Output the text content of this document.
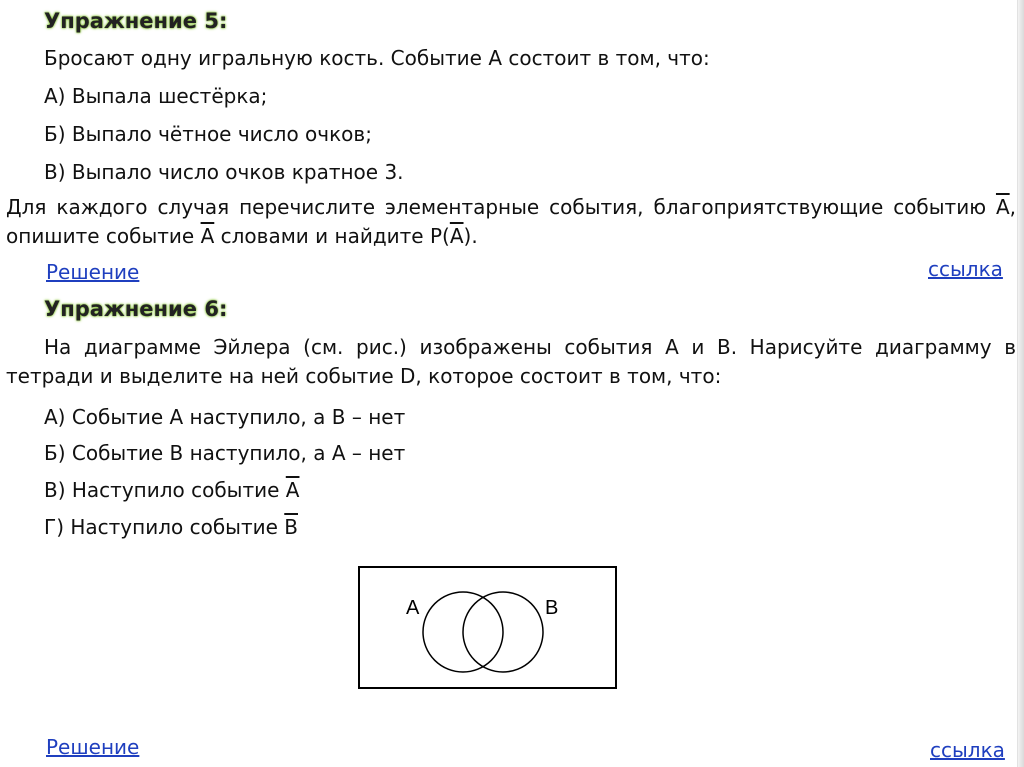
Упражнение 5:
Бросают одну игральную кость. Событие А состоит в том, что:
А) Выпала шестёрка;
Б) Выпало чётное число очков;
В) Выпало число очков кратное 3.
Для каждого случая перечислите элементарные события, благоприятствующие событию А, опишите событие А словами и найдите P(А).
Решение	ссылка
Упражнение 6:
На диаграмме Эйлера (см. рис.) изображены события А и В. Нарисуйте диаграмму в тетради и выделите на ней событие D, которое состоит в том, что:
А) Событие А наступило, а В – нет
Б) Событие В наступило, а А – нет
В) Наступило событие А
Г) Наступило событие В
A	B
Решение	ссылка
